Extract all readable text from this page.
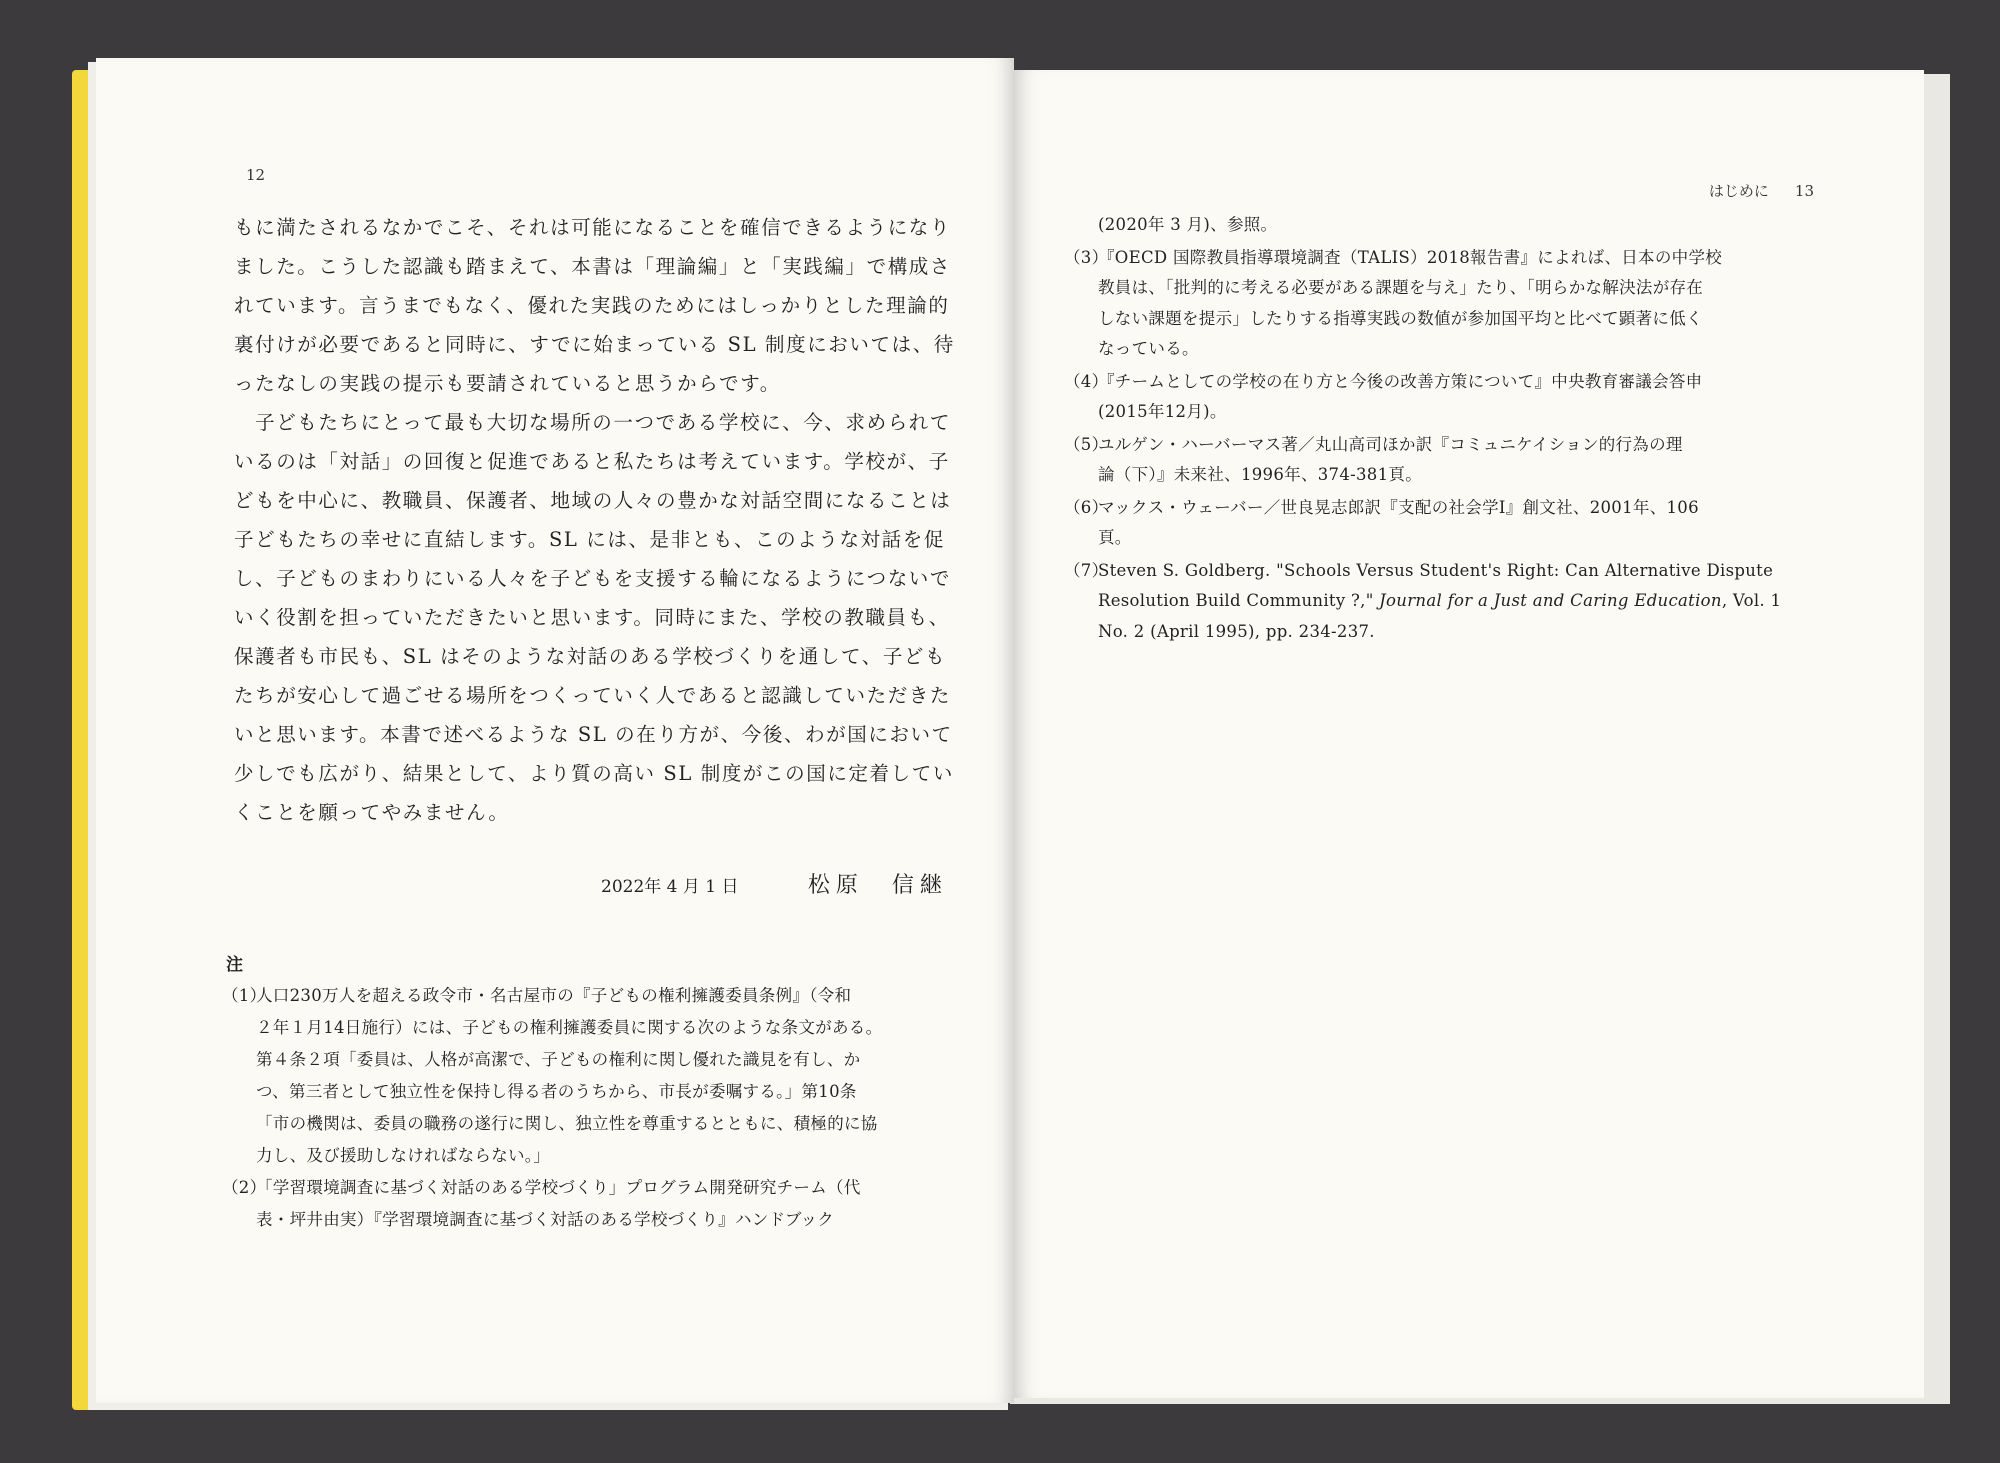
12
もに満たされるなかでこそ、それは可能になることを確信できるようになり
ました。こうした認識も踏まえて、本書は「理論編」と「実践編」で構成さ
れています。言うまでもなく、優れた実践のためにはしっかりとした理論的
裏付けが必要であると同時に、すでに始まっている SL 制度においては、待
ったなしの実践の提示も要請されていると思うからです。
　子どもたちにとって最も大切な場所の一つである学校に、今、求められて
いるのは「対話」の回復と促進であると私たちは考えています。学校が、子
どもを中心に、教職員、保護者、地域の人々の豊かな対話空間になることは
子どもたちの幸せに直結します。SL には、是非とも、このような対話を促
し、子どものまわりにいる人々を子どもを支援する輪になるようにつないで
いく役割を担っていただきたいと思います。同時にまた、学校の教職員も、
保護者も市民も、SL はそのような対話のある学校づくりを通して、子ども
たちが安心して過ごせる場所をつくっていく人であると認識していただきた
いと思います。本書で述べるような SL の在り方が、今後、わが国において
少しでも広がり、結果として、より質の高い SL 制度がこの国に定着してい
くことを願ってやみません。
2022年 4 月 1 日	松原　信継
注
（1）
人口230万人を超える政令市・名古屋市の『子どもの権利擁護委員条例』（令和
２年１月14日施行）には、子どもの権利擁護委員に関する次のような条文がある。
第４条２項「委員は、人格が高潔で、子どもの権利に関し優れた識見を有し、か
つ、第三者として独立性を保持し得る者のうちから、市長が委嘱する。」第10条
「市の機関は、委員の職務の遂行に関し、独立性を尊重するとともに、積極的に協
力し、及び援助しなければならない。」
（2）
「学習環境調査に基づく対話のある学校づくり」プログラム開発研究チーム（代
表・坪井由実）『学習環境調査に基づく対話のある学校づくり』ハンドブック
はじめに 13
(2020年 3 月)、参照。
（3）
『OECD 国際教員指導環境調査（TALIS）2018報告書』によれば、日本の中学校
教員は、「批判的に考える必要がある課題を与え」たり、「明らかな解決法が存在
しない課題を提示」したりする指導実践の数値が参加国平均と比べて顕著に低く
なっている。
（4）
『チームとしての学校の在り方と今後の改善方策について』中央教育審議会答申
(2015年12月)。
（5）
ユルゲン・ハーバーマス著／丸山高司ほか訳『コミュニケイション的行為の理
論（下）』未来社、1996年、374-381頁。
（6）
マックス・ウェーバー／世良晃志郎訳『支配の社会学Ⅰ』創文社、2001年、106
頁。
（7）
Steven S. Goldberg. "Schools Versus Student's Right: Can Alternative Dispute
Resolution Build Community ?," Journal for a Just and Caring Education, Vol. 1
No. 2 (April 1995), pp. 234-237.
